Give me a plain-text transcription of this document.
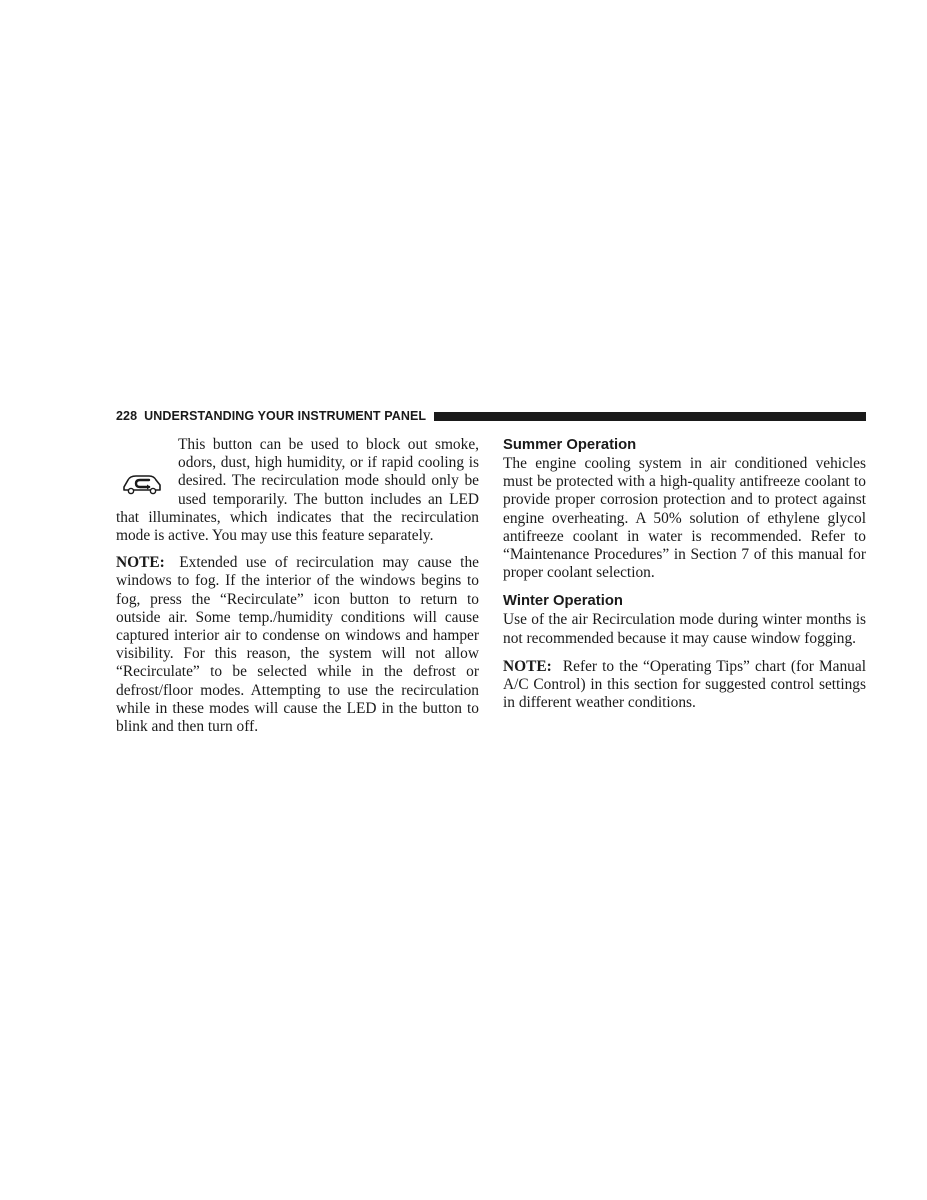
228 UNDERSTANDING YOUR INSTRUMENT PANEL

This button can be used to block out smoke, odors, dust, high humidity, or if rapid cooling is desired. The recirculation mode should only be used temporarily. The button includes an LED that illuminates, which indicates that the recirculation mode is active. You may use this feature separately.

NOTE: Extended use of recirculation may cause the windows to fog. If the interior of the windows begins to fog, press the “Recirculate” icon button to return to outside air. Some temp./humidity conditions will cause captured interior air to condense on windows and hamper visibility. For this reason, the system will not allow “Recirculate” to be selected while in the defrost or defrost/floor modes. Attempting to use the recirculation while in these modes will cause the LED in the button to blink and then turn off.

Summer Operation

The engine cooling system in air conditioned vehicles must be protected with a high-quality antifreeze coolant to provide proper corrosion protection and to protect against engine overheating. A 50% solution of ethylene glycol antifreeze coolant in water is recommended. Refer to “Maintenance Procedures” in Section 7 of this manual for proper coolant selection.

Winter Operation

Use of the air Recirculation mode during winter months is not recommended because it may cause window fogging.

NOTE: Refer to the “Operating Tips” chart (for Manual A/C Control) in this section for suggested control settings in different weather conditions.
